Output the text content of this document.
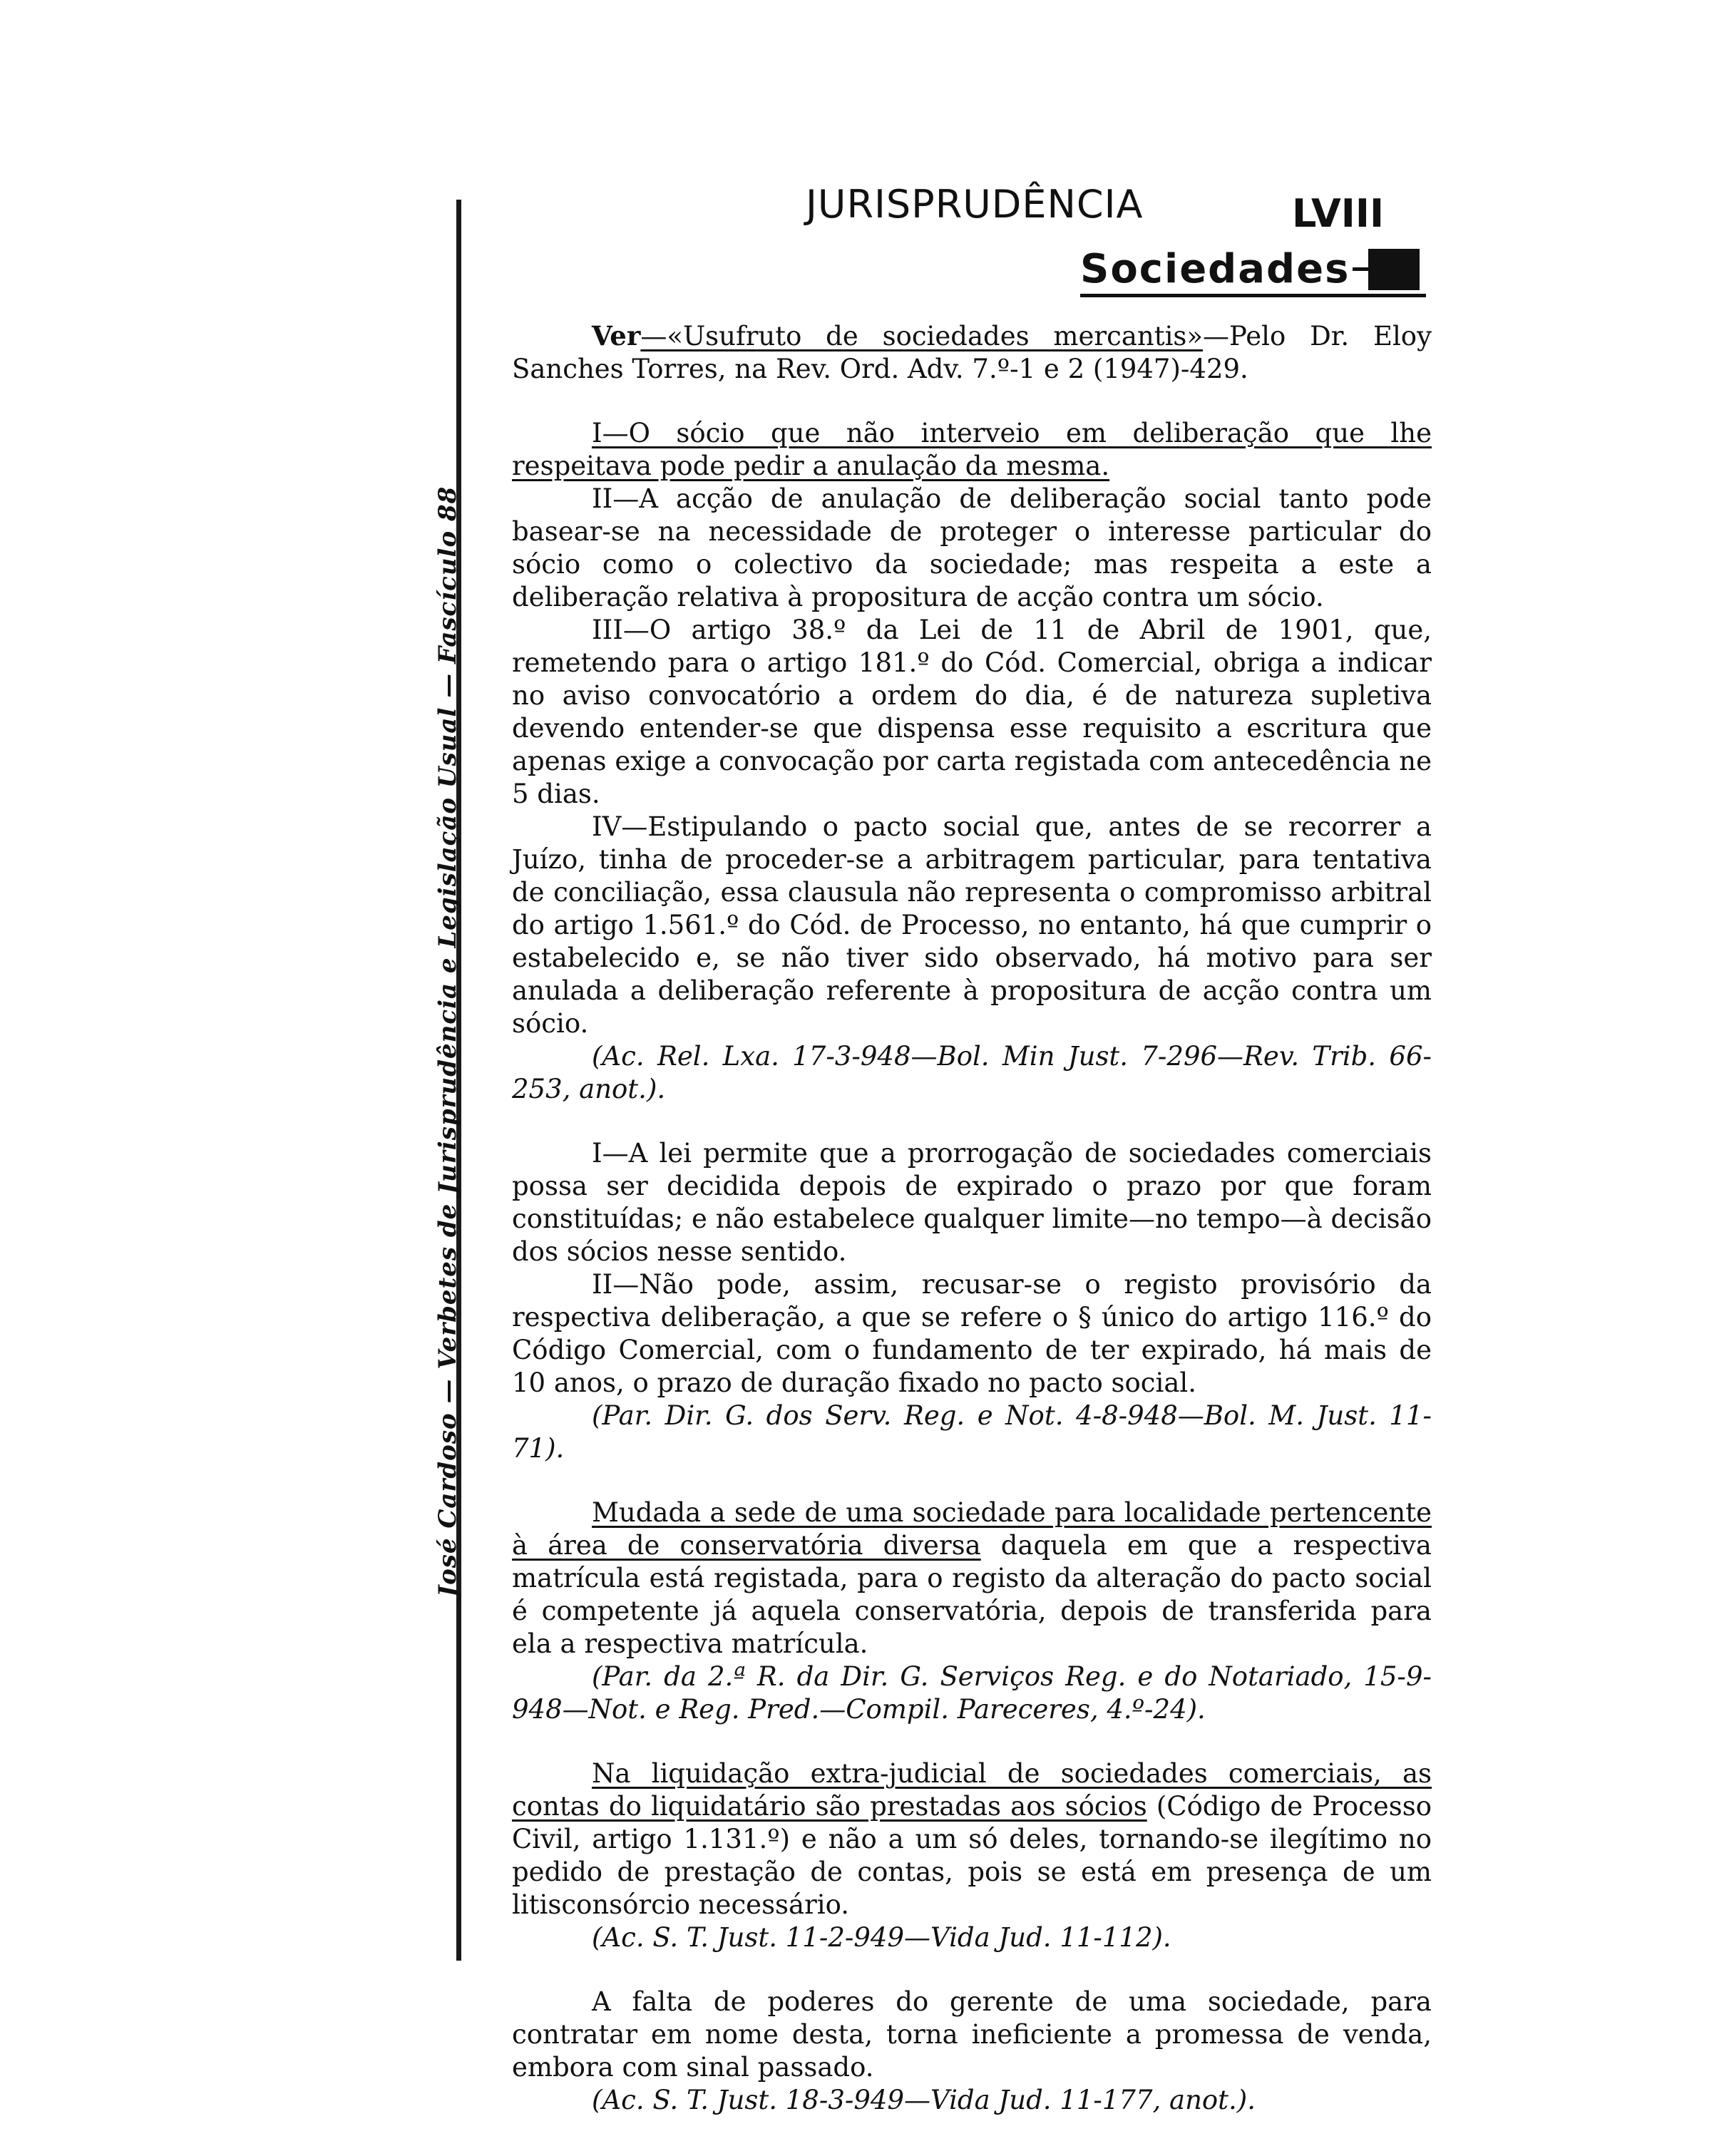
José Cardoso — Verbetes de Jurisprudência e Legislação Usual — Fascículo 88
JURISPRUDÊNCIA	LVIII
Sociedades

Ver—«Usufruto de sociedades mercantis»—Pelo Dr. Eloy Sanches Torres, na Rev. Ord. Adv. 7.º-1 e 2 (1947)-429.

I—O sócio que não interveio em deliberação que lhe respeitava pode pedir a anulação da mesma.

II—A acção de anulação de deliberação social tanto pode basear-se na necessidade de proteger o interesse particular do sócio como o colectivo da sociedade; mas respeita a este a deliberação relativa à propositura de acção contra um sócio.

III—O artigo 38.º da Lei de 11 de Abril de 1901, que, remetendo para o artigo 181.º do Cód. Comercial, obriga a indicar no aviso convocatório a ordem do dia, é de natureza supletiva devendo entender-se que dispensa esse requisito a escritura que apenas exige a convocação por carta registada com antecedência ne 5 dias.

IV—Estipulando o pacto social que, antes de se recorrer a Juízo, tinha de proceder-se a arbitragem particular, para tentativa de conciliação, essa clausula não representa o compromisso arbitral do artigo 1.561.º do Cód. de Processo, no entanto, há que cumprir o estabelecido e, se não tiver sido observado, há motivo para ser anulada a deliberação referente à propositura de acção contra um sócio.

(Ac. Rel. Lxa. 17-3-948—Bol. Min Just. 7-296—Rev. Trib. 66-253, anot.).

I—A lei permite que a prorrogação de sociedades comerciais possa ser decidida depois de expirado o prazo por que foram constituídas; e não estabelece qualquer limite—no tempo—à decisão dos sócios nesse sentido.

II—Não pode, assim, recusar-se o registo provisório da respectiva deliberação, a que se refere o § único do artigo 116.º do Código Comercial, com o fundamento de ter expirado, há mais de 10 anos, o prazo de duração fixado no pacto social.

(Par. Dir. G. dos Serv. Reg. e Not. 4-8-948—Bol. M. Just. 11-71).

Mudada a sede de uma sociedade para localidade pertencente à área de conservatória diversa daquela em que a respectiva matrícula está registada, para o registo da alteração do pacto social é competente já aquela conservatória, depois de transferida para ela a respectiva matrícula.

(Par. da 2.ª R. da Dir. G. Serviços Reg. e do Notariado, 15-9-948—Not. e Reg. Pred.—Compil. Pareceres, 4.º-24).

Na liquidação extra-judicial de sociedades comerciais, as contas do liquidatário são prestadas aos sócios (Código de Processo Civil, artigo 1.131.º) e não a um só deles, tornando-se ilegítimo no pedido de prestação de contas, pois se está em presença de um litisconsórcio necessário.

(Ac. S. T. Just. 11-2-949—Vida Jud. 11-112).

A falta de poderes do gerente de uma sociedade, para contratar em nome desta, torna ineficiente a promessa de venda, embora com sinal passado.

(Ac. S. T. Just. 18-3-949—Vida Jud. 11-177, anot.).
